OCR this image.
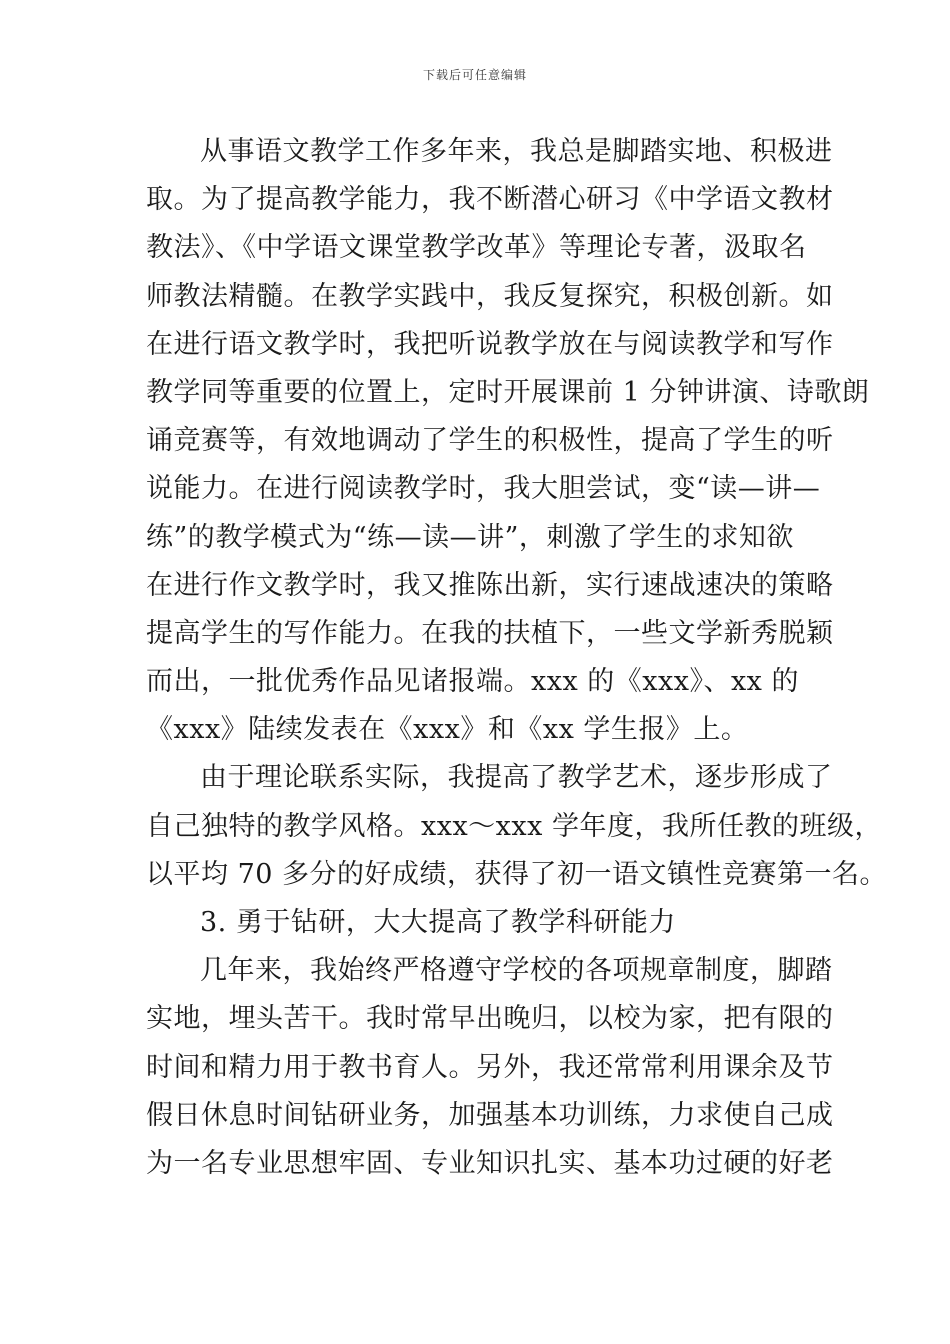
下载后可任意编辑
从事语文教学工作多年来，我总是脚踏实地、积极进
取。为了提高教学能力，我不断潜心研习《中学语文教材
教法》、《中学语文课堂教学改革》等理论专著，汲取名
师教法精髓。在教学实践中，我反复探究，积极创新。如
在进行语文教学时，我把听说教学放在与阅读教学和写作
教学同等重要的位置上，定时开展课前 1 分钟讲演、诗歌朗
诵竞赛等，有效地调动了学生的积极性，提高了学生的听
说能力。在进行阅读教学时，我大胆尝试，变“读—讲—
练”的教学模式为“练—读—讲”，刺激了学生的求知欲
在进行作文教学时，我又推陈出新，实行速战速决的策略
提高学生的写作能力。在我的扶植下，一些文学新秀脱颖
而出，一批优秀作品见诸报端。xxx 的《xxx》、xx 的
《xxx》陆续发表在《xxx》和《xx 学生报》上。
由于理论联系实际，我提高了教学艺术，逐步形成了
自己独特的教学风格。xxx～xxx 学年度，我所任教的班级，
以平均 70 多分的好成绩，获得了初一语文镇性竞赛第一名。
3. 勇于钻研，大大提高了教学科研能力
几年来，我始终严格遵守学校的各项规章制度，脚踏
实地，埋头苦干。我时常早出晚归，以校为家，把有限的
时间和精力用于教书育人。另外，我还常常利用课余及节
假日休息时间钻研业务，加强基本功训练，力求使自己成
为一名专业思想牢固、专业知识扎实、基本功过硬的好老
